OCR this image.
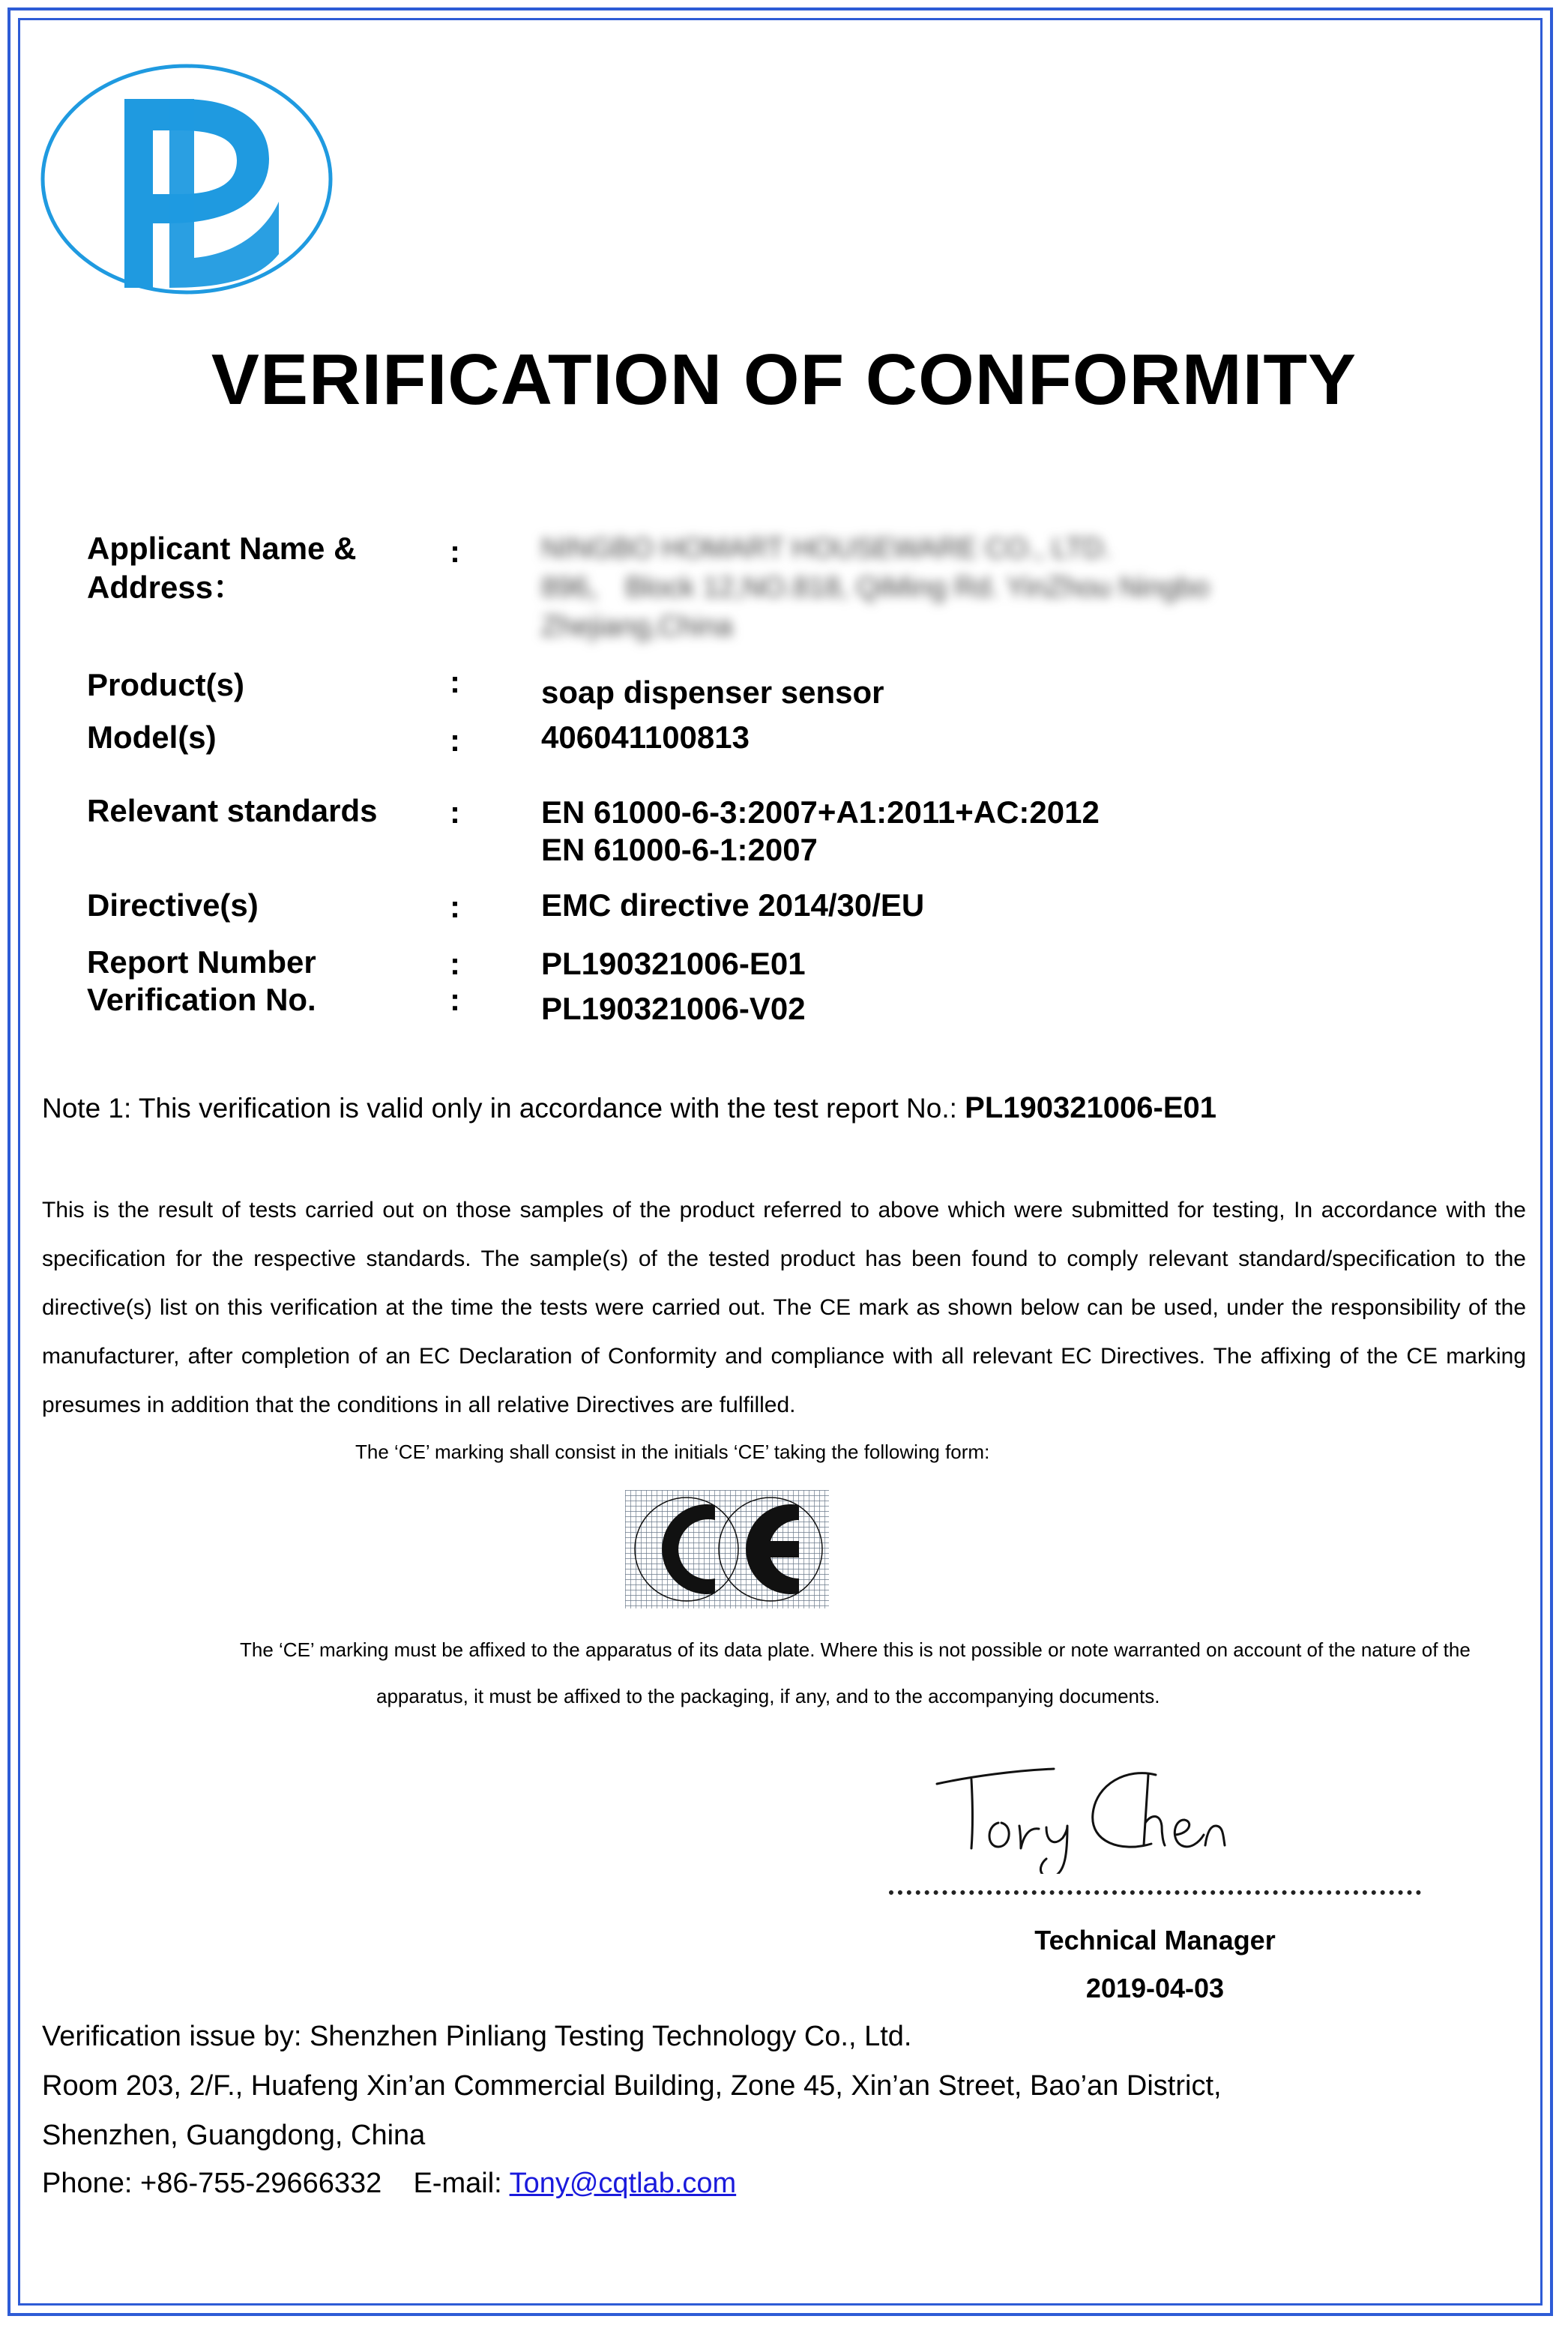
VERIFICATION OF CONFORMITY
Applicant Name &
Address：
:	NINGBO HOMART HOUSEWARE CO., LTD.
896， Block 12,NO.818, QiMing Rd. YinZhou Ningbo
Zhejiang,China
Product(s)	:	soap dispenser sensor
Model(s)	:	406041100813
Relevant standards :	EN 61000-6-3:2007+A1:2011+AC:2012
EN 61000-6-1:2007
Directive(s)	:	EMC directive 2014/30/EU
Report Number	:	PL190321006-E01
Verification No.	:	PL190321006-V02
Note 1: This verification is valid only in accordance with the test report No.: PL190321006-E01
This is the result of tests carried out on those samples of the product referred to above which were submitted for testing, In accordance with the specification for the respective standards. The sample(s) of the tested product has been found to comply relevant standard/specification to the directive(s) list on this verification at the time the tests were carried out. The CE mark as shown below can be used, under the responsibility of the manufacturer, after completion of an EC Declaration of Conformity and compliance with all relevant EC Directives. The affixing of the CE marking presumes in addition that the conditions in all relative Directives are fulfilled.
The ‘CE’ marking shall consist in the initials ‘CE’ taking the following form:
The ‘CE’ marking must be affixed to the apparatus of its data plate. Where this is not possible or note warranted on account of the nature of the
apparatus, it must be affixed to the packaging, if any, and to the accompanying documents.
Technical Manager
2019-04-03
Verification issue by: Shenzhen Pinliang Testing Technology Co., Ltd.
Room 203, 2/F., Huafeng Xin’an Commercial Building, Zone 45, Xin’an Street, Bao’an District,
Shenzhen, Guangdong, China
Phone: +86-755-29666332    E-mail: Tony@cqtlab.com
